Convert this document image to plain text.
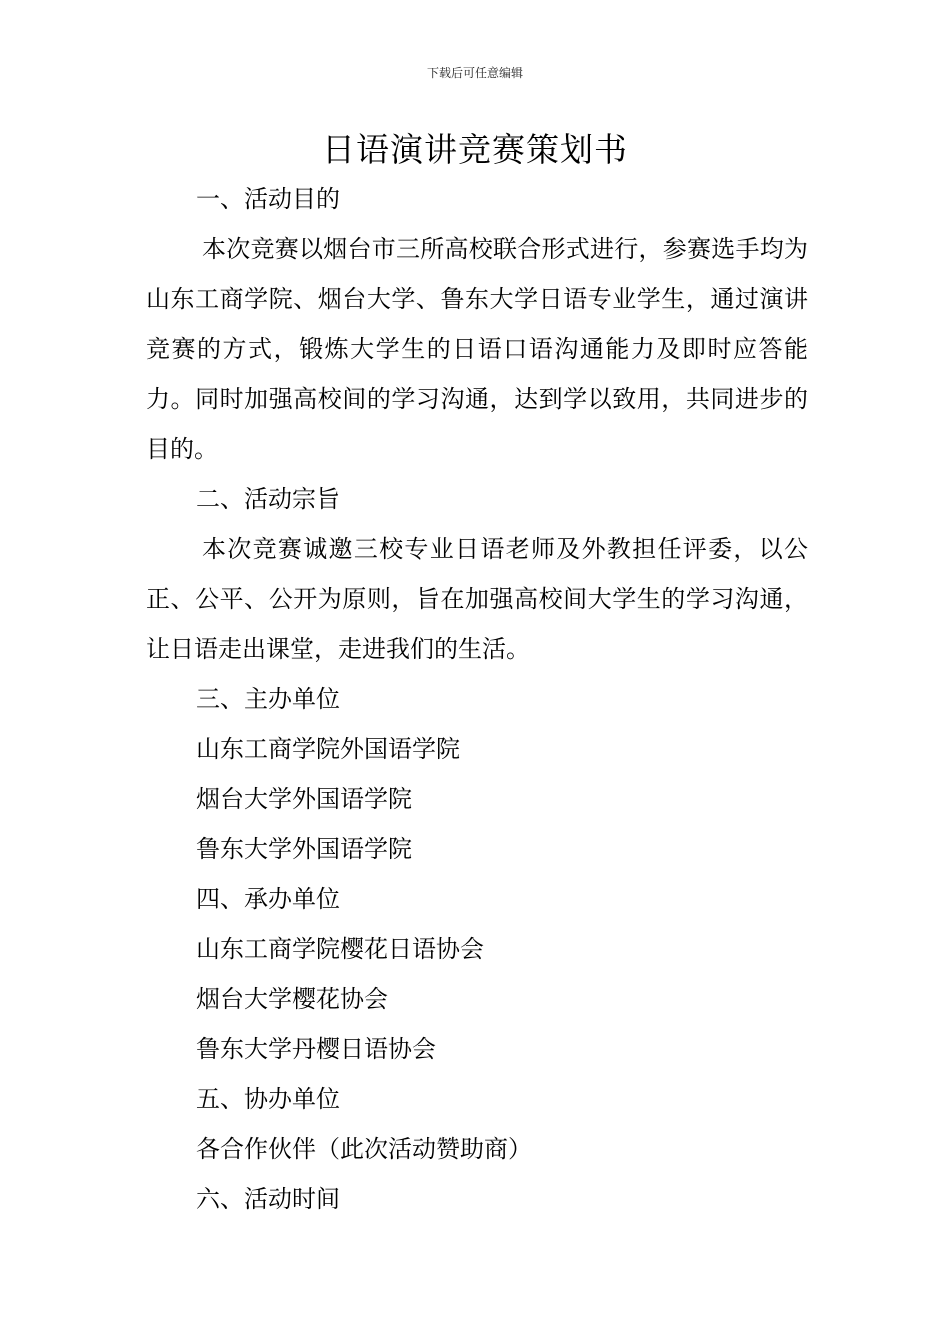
下载后可任意编辑
日语演讲竞赛策划书
一、活动目的

本次竞赛以烟台市三所高校联合形式进行，参赛选手均为山东工商学院、烟台大学、鲁东大学日语专业学生，通过演讲竞赛的方式，锻炼大学生的日语口语沟通能力及即时应答能力。同时加强高校间的学习沟通，达到学以致用，共同进步的目的。

二、活动宗旨

本次竞赛诚邀三校专业日语老师及外教担任评委，以公正、公平、公开为原则，旨在加强高校间大学生的学习沟通，让日语走出课堂，走进我们的生活。

三、主办单位
山东工商学院外国语学院
烟台大学外国语学院
鲁东大学外国语学院
四、承办单位
山东工商学院樱花日语协会
烟台大学樱花协会
鲁东大学丹樱日语协会
五、协办单位
各合作伙伴（此次活动赞助商）
六、活动时间
